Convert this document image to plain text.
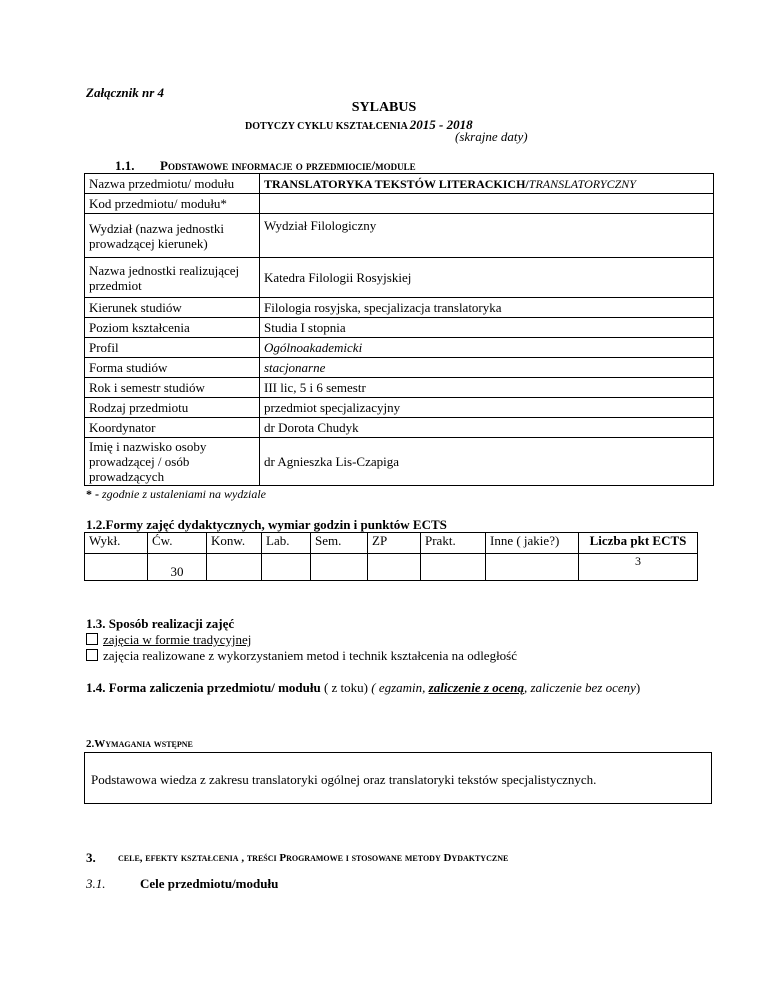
Załącznik nr 4
SYLABUS
DOTYCZY CYKLU KSZTAŁCENIA 2015 - 2018
(skrajne daty)
1.1. Podstawowe informacje o przedmiocie/module
Nazwa przedmiotu/ modułu	TRANSLATORYKA TEKSTÓW LITERACKICH/TRANSLATORYCZNY
Kod przedmiotu/ modułu*	
Wydział (nazwa jednostki prowadzącej kierunek)	Wydział Filologiczny
Nazwa jednostki realizującej przedmiot	Katedra Filologii Rosyjskiej
Kierunek studiów	Filologia rosyjska, specjalizacja translatoryka
Poziom kształcenia	Studia I stopnia
Profil	Ogólnoakademicki
Forma studiów	stacjonarne
Rok i semestr studiów	III lic, 5 i 6 semestr
Rodzaj przedmiotu	przedmiot specjalizacyjny
Koordynator	dr Dorota Chudyk
Imię i nazwisko osoby prowadzącej / osób prowadzących	dr Agnieszka Lis-Czapiga
* - zgodnie z ustaleniami na wydziale
1.2.Formy zajęć dydaktycznych, wymiar godzin i punktów ECTS
Wykł.	Ćw.	Konw.	Lab.	Sem.	ZP	Prakt.	Inne ( jakie?)	Liczba pkt ECTS
	30							3
1.3. Sposób realizacji zajęć
zajęcia w formie tradycyjnej
zajęcia realizowane z wykorzystaniem metod i technik kształcenia na odległość
1.4. Forma zaliczenia przedmiotu/ modułu ( z toku) ( egzamin, zaliczenie z oceną, zaliczenie bez oceny)
2.Wymagania wstępne
Podstawowa wiedza z zakresu translatoryki ogólnej oraz translatoryki tekstów specjalistycznych.
3. cele, efekty kształcenia , treści Programowe i stosowane metody Dydaktyczne
3.1.	Cele przedmiotu/modułu
